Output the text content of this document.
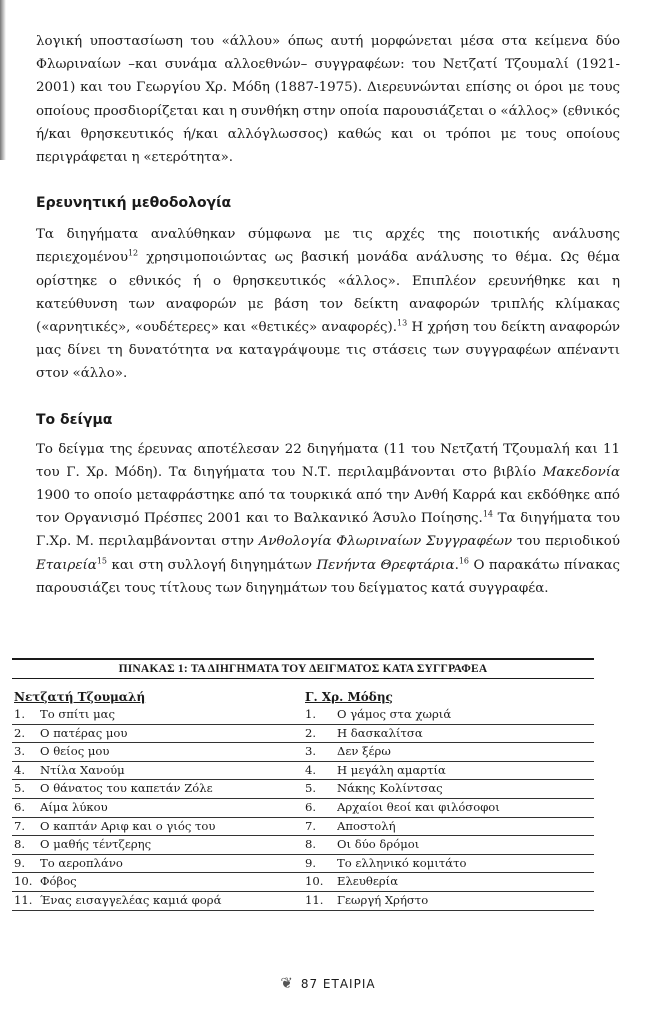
λογική υποστασίωση του «άλλου» όπως αυτή μορφώνεται μέσα στα κείμενα δύο Φλωριναίων –και συνάμα αλλοεθνών– συγγραφέων: του Νετζατί Τζουμαλί (1921-2001) και του Γεωργίου Χρ. Μόδη (1887-1975). Διερευνώνται επίσης οι όροι με τους οποίους προσδιορίζεται και η συνθήκη στην οποία παρουσιάζεται ο «άλλος» (εθνικός ή/και θρησκευτικός ή/και αλλόγλωσσος) καθώς και οι τρόποι με τους οποίους περιγράφεται η «ετερότητα».

Ερευνητική μεθοδολογία

Τα διηγήματα αναλύθηκαν σύμφωνα με τις αρχές της ποιοτικής ανάλυσης περιεχομένου$^{12}$ χρησιμοποιώντας ως βασική μονάδα ανάλυσης το θέμα. Ως θέμα ορίστηκε ο εθνικός ή ο θρησκευτικός «άλλος». Επιπλέον ερευνήθηκε και η κατεύθυνση των αναφορών με βάση τον δείκτη αναφορών τριπλής κλίμακας («αρνητικές», «ουδέτερες» και «θετικές» αναφορές).$^{13}$ Η χρήση του δείκτη αναφορών μας δίνει τη δυνατότητα να καταγράψουμε τις στάσεις των συγγραφέων απέναντι στον «άλλο».

Το δείγμα

Το δείγμα της έρευνας αποτέλεσαν 22 διηγήματα (11 του Νετζατή Τζουμαλή και 11 του Γ. Χρ. Μόδη). Τα διηγήματα του Ν.Τ. περιλαμβάνονται στο βιβλίο Μακεδονία 1900 το οποίο μεταφράστηκε από τα τουρκικά από την Ανθή Καρρά και εκδόθηκε από τον Οργανισμό Πρέσπες 2001 και το Βαλκανικό Άσυλο Ποίησης.$^{14}$ Τα διηγήματα του Γ.Χρ. Μ. περιλαμβάνονται στην Ανθολογία Φλωριναίων Συγγραφέων του περιοδικού Εταιρεία$^{15}$ και στη συλλογή διηγημάτων Πενήντα Θρεφτάρια.$^{16}$ Ο παρακάτω πίνακας παρουσιάζει τους τίτλους των διηγημάτων του δείγματος κατά συγγραφέα.

ΠΙΝΑΚΑΣ 1: ΤΑ ΔΙΗΓΗΜΑΤΑ ΤΟΥ ΔΕΙΓΜΑΤΟΣ ΚΑΤΑ ΣΥΓΓΡΑΦΕΑ
Νετζατή Τζουμαλή
1.	Το σπίτι μας
2.	Ο πατέρας μου
3.	Ο θείος μου
4.	Ντίλα Χανούμ
5.	Ο θάνατος του καπετάν Ζόλε
6.	Αίμα λύκου
7.	Ο καπτάν Αριφ και ο γιός του
8.	Ο μαθής τέντζερης
9.	Το αεροπλάνο
10. Φόβος
11. Ένας εισαγγελέας καμιά φορά
Γ. Χρ. Μόδης
1.	Ο γάμος στα χωριά
2.	Η δασκαλίτσα
3.	Δεν ξέρω
4.	Η μεγάλη αμαρτία
5.	Νάκης Κολίντσας
6.	Αρχαίοι θεοί και φιλόσοφοι
7.	Αποστολή
8.	Οι δύο δρόμοι
9.	Το ελληνικό κομιτάτο
10.	Ελευθερία
11.	Γεωργή Χρήστο
❦ 87 ΕΤΑΙΡΙΑ
